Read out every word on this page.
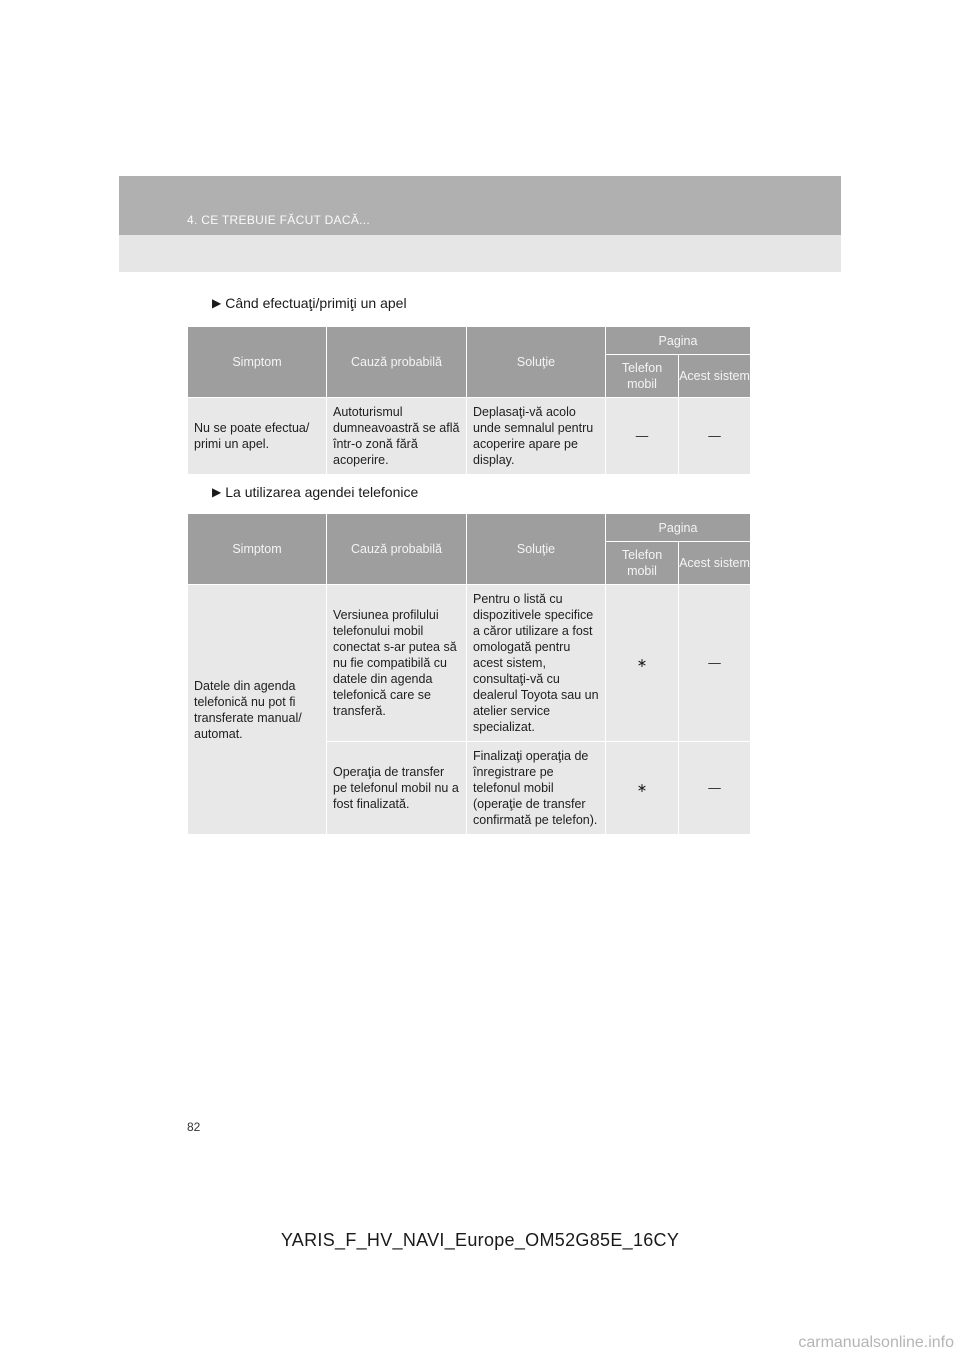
4. CE TREBUIE FĂCUT DACĂ...
▶ Când efectuaţi/primiţi un apel
Simptom	Cauză probabilă	Soluţie	Pagina	
			Telefon mobil	Acest sistem
Nu se poate efectua/ primi un apel.	Autoturismul dumneavoastră se află într-o zonă fără acoperire.	Deplasaţi-vă acolo unde semnalul pentru acoperire apare pe display.	—	—
▶ La utilizarea agendei telefonice
Simptom	Cauză probabilă	Soluţie	Pagina	
			Telefon mobil	Acest sistem
Datele din agenda telefonică nu pot fi transferate manual/ automat.	Versiunea profilului telefonului mobil conectat s-ar putea să nu fie compatibilă cu datele din agenda telefonică care se transferă.	Pentru o listă cu dispozitivele specifice a căror utilizare a fost omologată pentru acest sistem, consultaţi-vă cu dealerul Toyota sau un atelier service specializat.	∗	—
	Operaţia de transfer pe telefonul mobil nu a fost finalizată.	Finalizaţi operaţia de înregistrare pe telefonul mobil (operaţie de transfer confirmată pe telefon).	∗	—
82
YARIS_F_HV_NAVI_Europe_OM52G85E_16CY
carmanualsonline.info
